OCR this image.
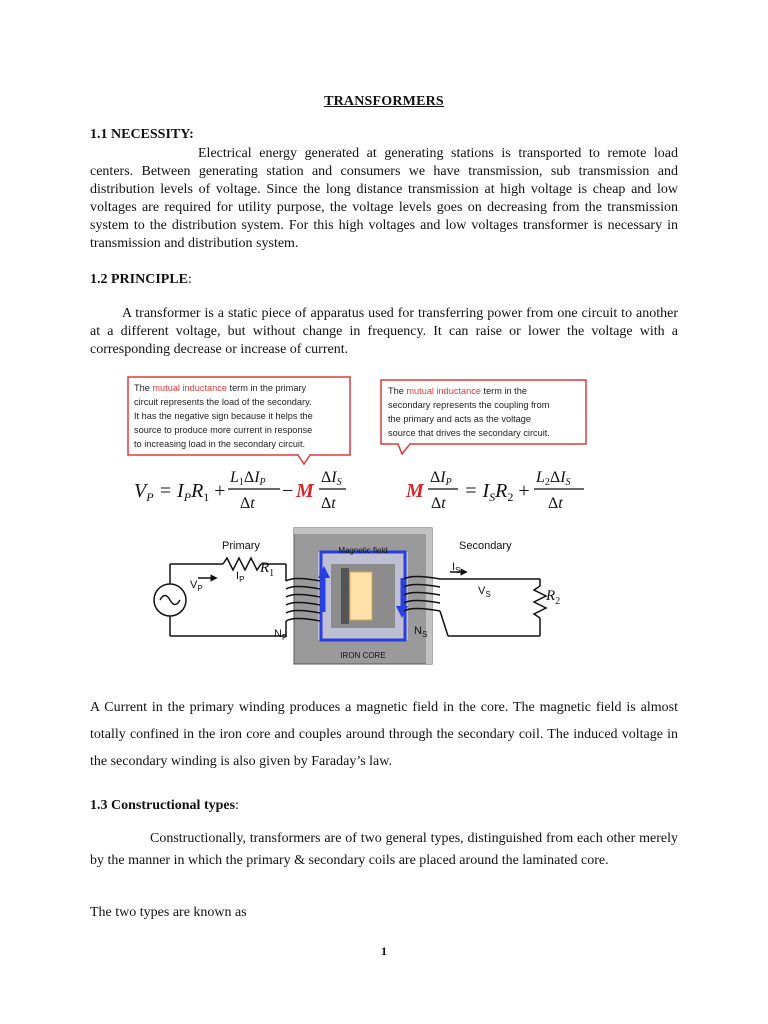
TRANSFORMERS
1.1 NECESSITY:

Electrical energy generated at generating stations is transported to remote load centers. Between generating station and consumers we have transmission, sub transmission and distribution levels of voltage. Since the long distance transmission at high voltage is cheap and low voltages are required for utility purpose, the voltage levels goes on decreasing from the transmission system to the distribution system. For this high voltages and low voltages transformer is necessary in transmission and distribution system.

1.2 PRINCIPLE:

A transformer is a static piece of apparatus used for transferring power from one circuit to another at a different voltage, but without change in frequency. It can raise or lower the voltage with a corresponding decrease or increase of current.

The mutual inductance term in the primary
circuit represents the load of the secondary.
It has the negative sign because it helps the
source to produce more current in response
to increasing load in the secondary circuit.
The mutual inductance term in the
secondary represents the coupling from
the primary and acts as the voltage
source that drives the secondary circuit.
$V_P = I_PR_1$ +
L1ΔIP
Δt
− M
ΔIS
Δt
M
ΔIP
Δt
= $I_SR_2$ +
L2ΔIS
Δt
IRON CORE
Magnetic field
Primary	Secondary
$V_P$
$I_P$
$R_1$
$N_P$
$N_S$
$I_S$
$V_S$	$R_2$

A Current in the primary winding produces a magnetic field in the core. The magnetic field is almost totally confined in the iron core and couples around through the secondary coil. The induced voltage in the secondary winding is also given by Faraday’s law.

1.3 Constructional types:

Constructionally, transformers are of two general types, distinguished from each other merely by the manner in which the primary & secondary coils are placed around the laminated core.

The two types are known as

1
